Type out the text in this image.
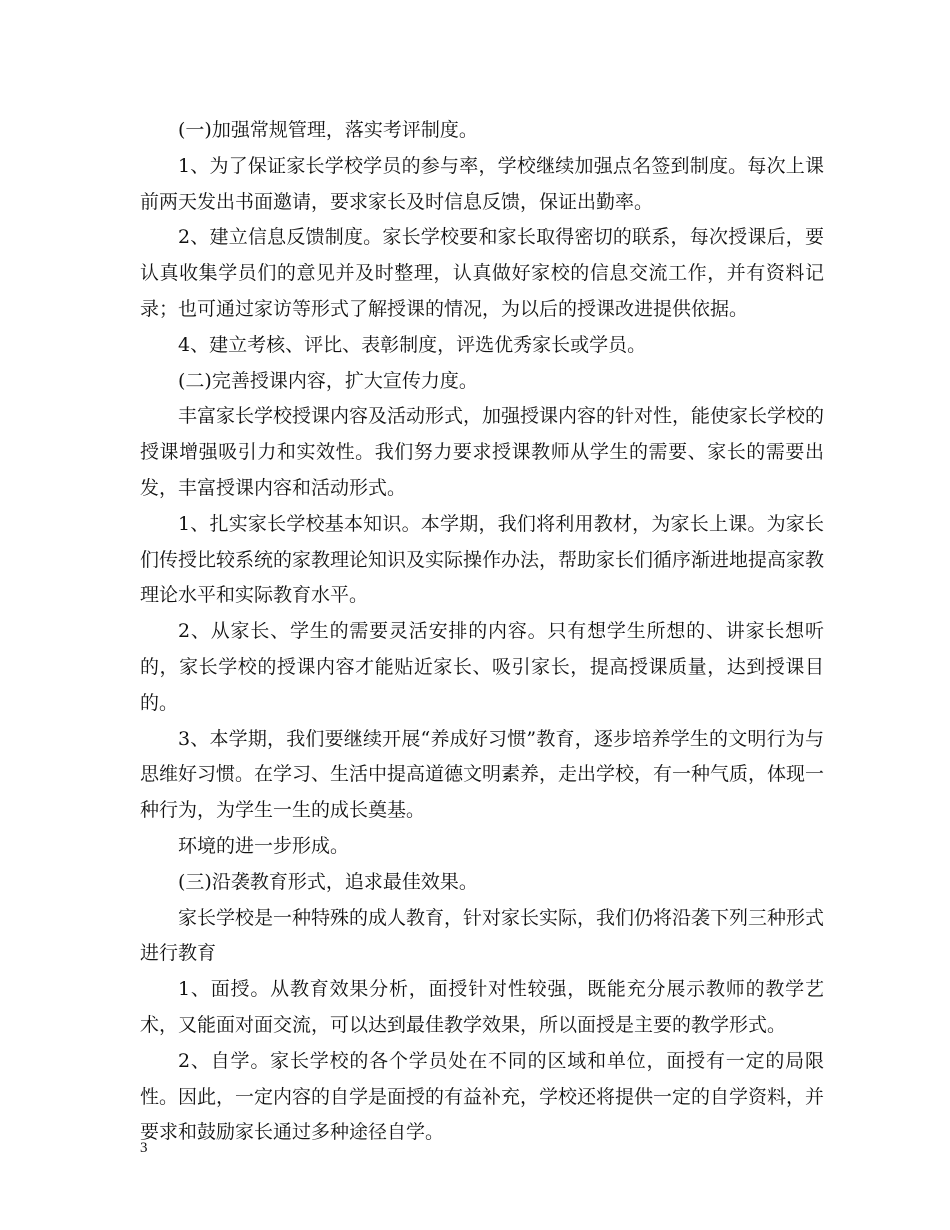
(一)加强常规管理，落实考评制度。

1、为了保证家长学校学员的参与率，学校继续加强点名签到制度。每次上课前两天发出书面邀请，要求家长及时信息反馈，保证出勤率。

2、建立信息反馈制度。家长学校要和家长取得密切的联系，每次授课后，要认真收集学员们的意见并及时整理，认真做好家校的信息交流工作，并有资料记录；也可通过家访等形式了解授课的情况，为以后的授课改进提供依据。

4、建立考核、评比、表彰制度，评选优秀家长或学员。

(二)完善授课内容，扩大宣传力度。

丰富家长学校授课内容及活动形式，加强授课内容的针对性，能使家长学校的授课增强吸引力和实效性。我们努力要求授课教师从学生的需要、家长的需要出发，丰富授课内容和活动形式。

1、扎实家长学校基本知识。本学期，我们将利用教材，为家长上课。为家长们传授比较系统的家教理论知识及实际操作办法，帮助家长们循序渐进地提高家教理论水平和实际教育水平。

2、从家长、学生的需要灵活安排的内容。只有想学生所想的、讲家长想听的，家长学校的授课内容才能贴近家长、吸引家长，提高授课质量，达到授课目的。

3、本学期，我们要继续开展“养成好习惯”教育，逐步培养学生的文明行为与思维好习惯。在学习、生活中提高道德文明素养，走出学校，有一种气质，体现一种行为，为学生一生的成长奠基。

环境的进一步形成。

(三)沿袭教育形式，追求最佳效果。

家长学校是一种特殊的成人教育，针对家长实际，我们仍将沿袭下列三种形式进行教育

1、面授。从教育效果分析，面授针对性较强，既能充分展示教师的教学艺术，又能面对面交流，可以达到最佳教学效果，所以面授是主要的教学形式。

2、自学。家长学校的各个学员处在不同的区域和单位，面授有一定的局限性。因此，一定内容的自学是面授的有益补充，学校还将提供一定的自学资料，并要求和鼓励家长通过多种途径自学。

3
